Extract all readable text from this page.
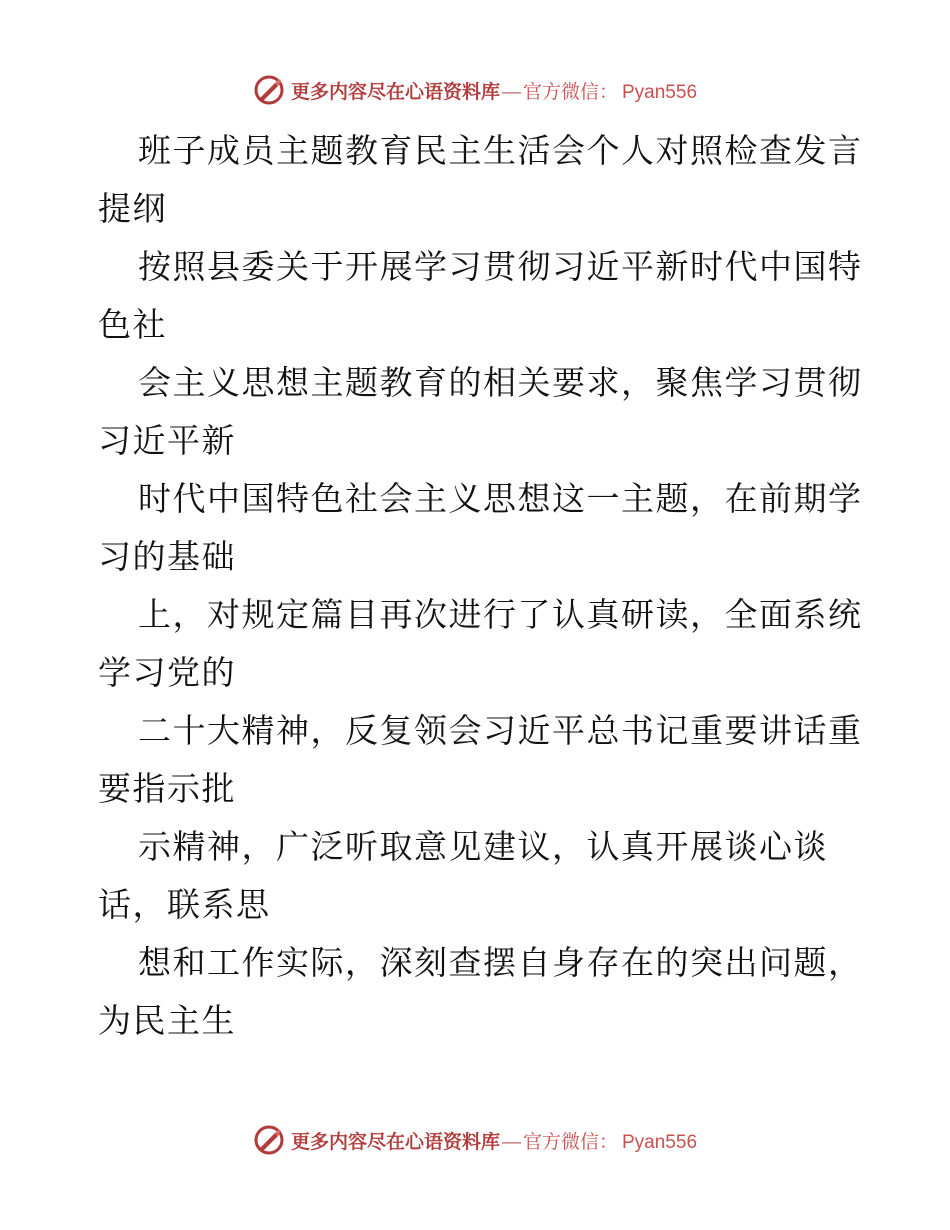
更多内容尽在心语资料库 — 官方微信： Pyan556
班子成员主题教育民主生活会个人对照检查发言
提纲
按照县委关于开展学习贯彻习近平新时代中国特
色社
会主义思想主题教育的相关要求，聚焦学习贯彻
习近平新
时代中国特色社会主义思想这一主题，在前期学
习的基础
上，对规定篇目再次进行了认真研读，全面系统
学习党的
二十大精神，反复领会习近平总书记重要讲话重
要指示批
示精神，广泛听取意见建议，认真开展谈心谈
话，联系思
想和工作实际，深刻查摆自身存在的突出问题，
为民主生
更多内容尽在心语资料库 — 官方微信： Pyan556
